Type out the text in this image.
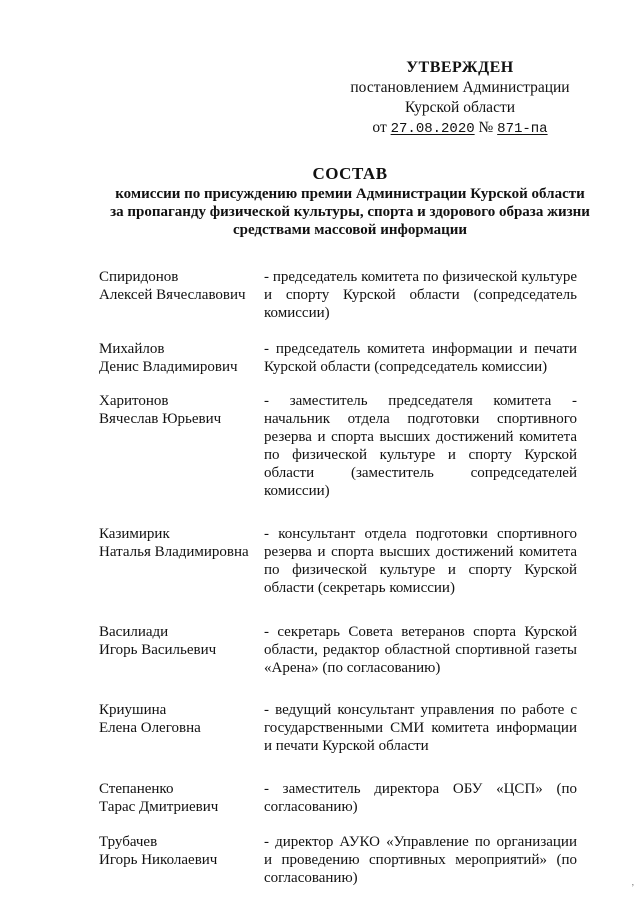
УТВЕРЖДЕН
постановлением Администрации
Курской области
от 27.08.2020 № 871-па
СОСТАВ
комиссии по присуждению премии Администрации Курской области
за пропаганду физической культуры, спорта и здорового образа жизни
средствами массовой информации
Спиридонов
Алексей Вячеславович
- председатель комитета по физической культуре и спорту Курской области (сопредседатель комиссии)
Михайлов
Денис Владимирович
- председатель комитета информации и печати Курской области (сопредседатель комиссии)
Харитонов
Вячеслав Юрьевич
- заместитель председателя комитета - начальник отдела подготовки спортивного резерва и спорта высших достижений комитета по физической культуре и спорту Курской области (заместитель сопредседателей комиссии)
Казимирик
Наталья Владимировна
- консультант отдела подготовки спортивного резерва и спорта высших достижений комитета по физической культуре и спорту Курской области (секретарь комиссии)
Василиади
Игорь Васильевич
- секретарь Совета ветеранов спорта Курской области, редактор областной спортивной газеты «Арена» (по согласованию)
Криушина
Елена Олеговна
- ведущий консультант управления по работе с государственными СМИ комитета информации и печати Курской области
Степаненко
Тарас Дмитриевич
- заместитель директора ОБУ «ЦСП» (по согласованию)
Трубачев
Игорь Николаевич
- директор АУКО «Управление по организации и проведению спортивных мероприятий» (по согласованию)	,
